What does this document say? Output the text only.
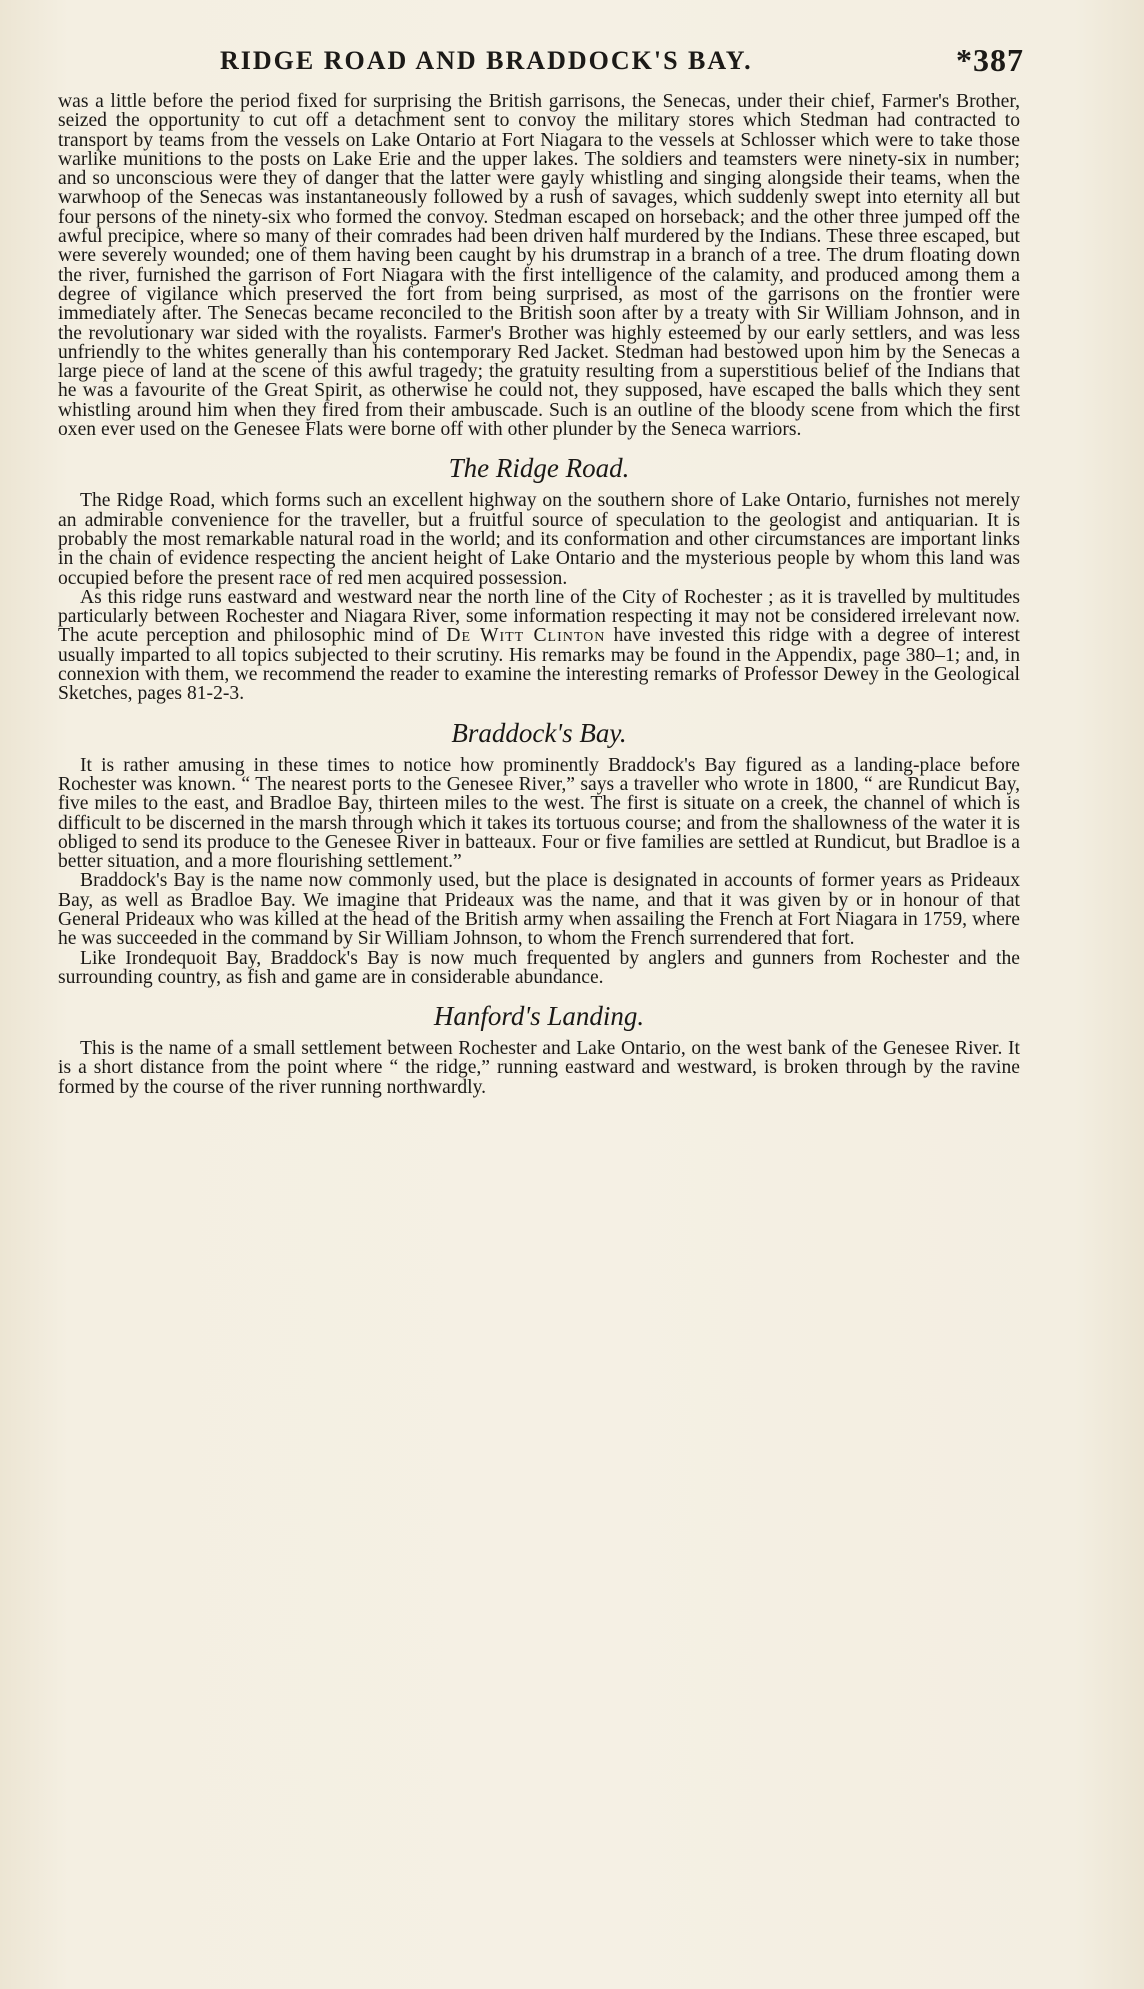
RIDGE ROAD AND BRADDOCK'S BAY.	*387

was a little before the period fixed for surprising the British garrisons, the Senecas, under their chief, Farmer's Brother, seized the opportunity to cut off a detachment sent to convoy the military stores which Stedman had contracted to transport by teams from the vessels on Lake Ontario at Fort Niagara to the vessels at Schlosser which were to take those warlike munitions to the posts on Lake Erie and the upper lakes. The soldiers and teamsters were ninety-six in number; and so unconscious were they of danger that the latter were gayly whistling and singing alongside their teams, when the warwhoop of the Senecas was instantaneously followed by a rush of savages, which suddenly swept into eternity all but four persons of the ninety-six who formed the convoy. Stedman escaped on horseback; and the other three jumped off the awful precipice, where so many of their comrades had been driven half murdered by the Indians. These three escaped, but were severely wounded; one of them having been caught by his drumstrap in a branch of a tree. The drum floating down the river, furnished the garrison of Fort Niagara with the first intelligence of the calamity, and produced among them a degree of vigilance which preserved the fort from being surprised, as most of the garrisons on the frontier were immediately after. The Senecas became reconciled to the British soon after by a treaty with Sir William Johnson, and in the revolutionary war sided with the royalists. Farmer's Brother was highly esteemed by our early settlers, and was less unfriendly to the whites generally than his contemporary Red Jacket. Stedman had bestowed upon him by the Senecas a large piece of land at the scene of this awful tragedy; the gratuity resulting from a superstitious belief of the Indians that he was a favourite of the Great Spirit, as otherwise he could not, they supposed, have escaped the balls which they sent whistling around him when they fired from their ambuscade. Such is an outline of the bloody scene from which the first oxen ever used on the Genesee Flats were borne off with other plunder by the Seneca warriors.

The Ridge Road.

The Ridge Road, which forms such an excellent highway on the southern shore of Lake Ontario, furnishes not merely an admirable convenience for the traveller, but a fruitful source of speculation to the geologist and antiquarian. It is probably the most remarkable natural road in the world; and its conformation and other circumstances are important links in the chain of evidence respecting the ancient height of Lake Ontario and the mysterious people by whom this land was occupied before the present race of red men acquired possession.

As this ridge runs eastward and westward near the north line of the City of Rochester ; as it is travelled by multitudes particularly between Rochester and Niagara River, some information respecting it may not be considered irrelevant now. The acute perception and philosophic mind of De Witt Clinton have invested this ridge with a degree of interest usually imparted to all topics subjected to their scrutiny. His remarks may be found in the Appendix, page 380–1; and, in connexion with them, we recommend the reader to examine the interesting remarks of Professor Dewey in the Geological Sketches, pages 81-2-3.

Braddock's Bay.

It is rather amusing in these times to notice how prominently Braddock's Bay figured as a landing-place before Rochester was known. “ The nearest ports to the Genesee River,” says a traveller who wrote in 1800, “ are Rundicut Bay, five miles to the east, and Bradloe Bay, thirteen miles to the west. The first is situate on a creek, the channel of which is difficult to be discerned in the marsh through which it takes its tortuous course; and from the shallowness of the water it is obliged to send its produce to the Genesee River in batteaux. Four or five families are settled at Rundicut, but Bradloe is a better situation, and a more flourishing settlement.”

Braddock's Bay is the name now commonly used, but the place is designated in accounts of former years as Prideaux Bay, as well as Bradloe Bay. We imagine that Prideaux was the name, and that it was given by or in honour of that General Prideaux who was killed at the head of the British army when assailing the French at Fort Niagara in 1759, where he was succeeded in the command by Sir William Johnson, to whom the French surrendered that fort.

Like Irondequoit Bay, Braddock's Bay is now much frequented by anglers and gunners from Rochester and the surrounding country, as fish and game are in considerable abundance.

Hanford's Landing.

This is the name of a small settlement between Rochester and Lake Ontario, on the west bank of the Genesee River. It is a short distance from the point where “ the ridge,” running eastward and westward, is broken through by the ravine formed by the course of the river running northwardly.
